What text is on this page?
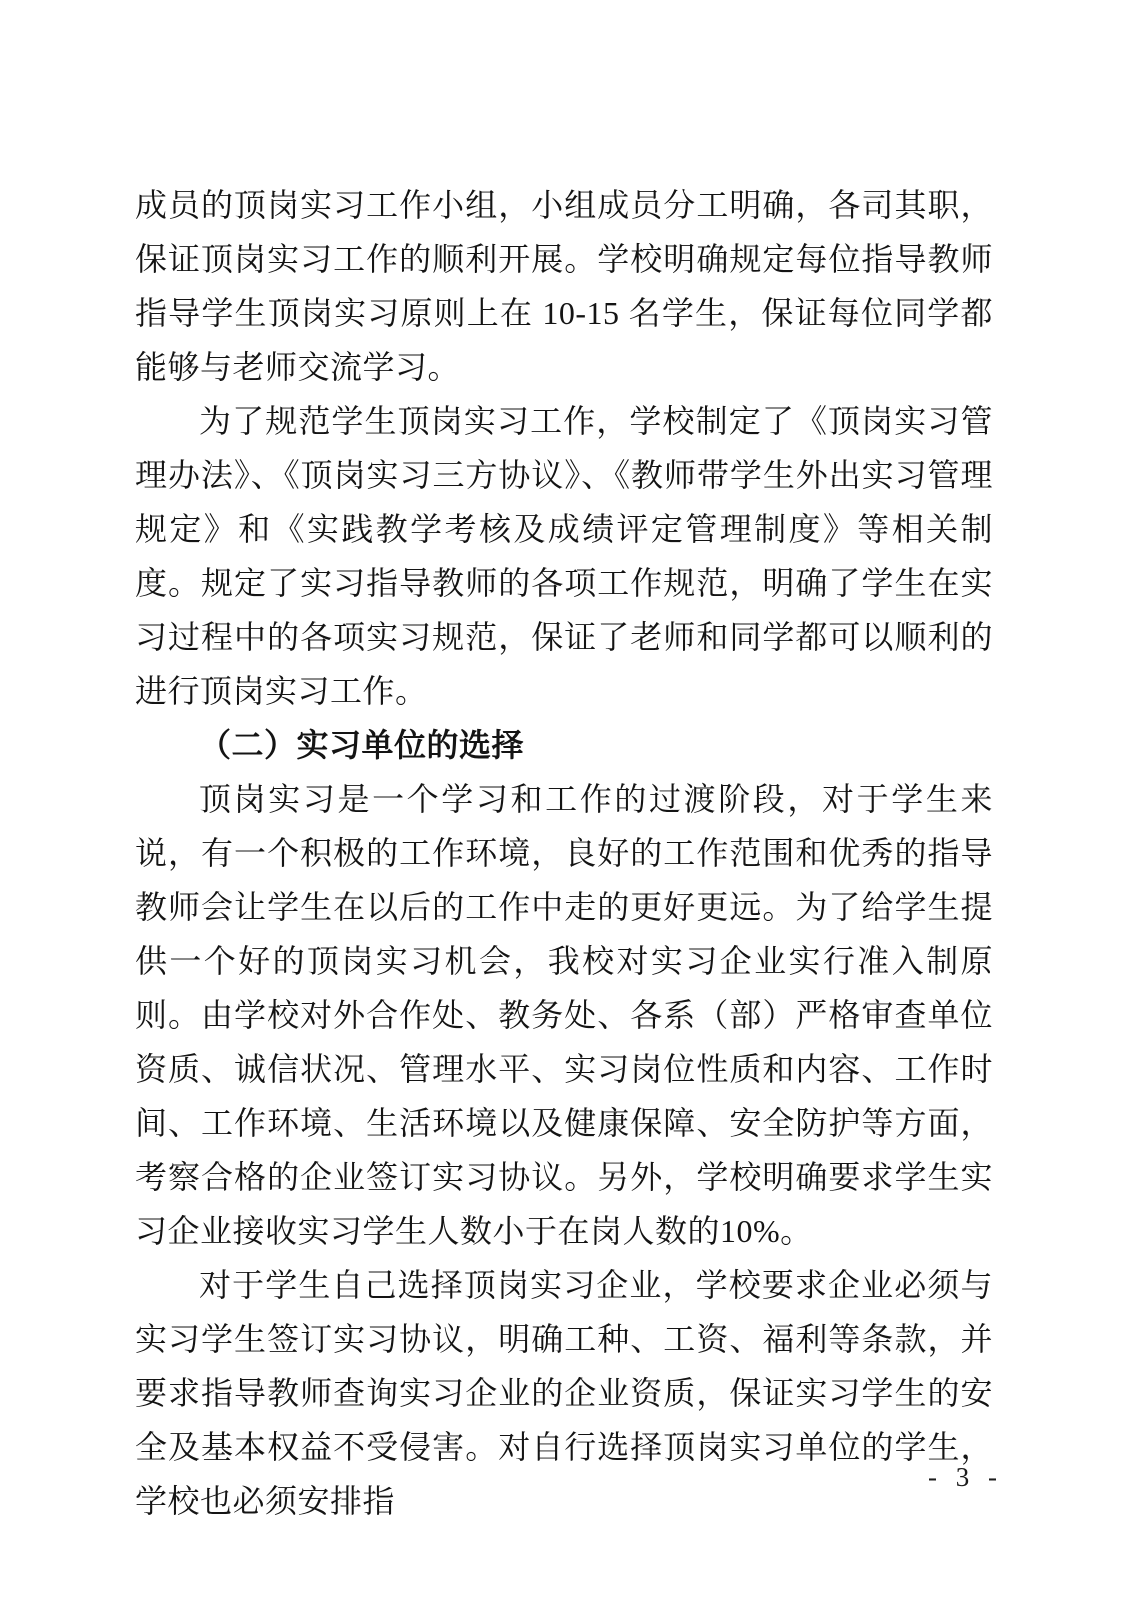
成员的顶岗实习工作小组，小组成员分工明确，各司其职，保证顶岗实习工作的顺利开展。学校明确规定每位指导教师指导学生顶岗实习原则上在 10-15 名学生，保证每位同学都能够与老师交流学习。

为了规范学生顶岗实习工作，学校制定了《顶岗实习管理办法》、《顶岗实习三方协议》、《教师带学生外出实习管理规定》和《实践教学考核及成绩评定管理制度》等相关制度。规定了实习指导教师的各项工作规范，明确了学生在实习过程中的各项实习规范，保证了老师和同学都可以顺利的进行顶岗实习工作。

（二）实习单位的选择

顶岗实习是一个学习和工作的过渡阶段，对于学生来说，有一个积极的工作环境，良好的工作范围和优秀的指导教师会让学生在以后的工作中走的更好更远。为了给学生提供一个好的顶岗实习机会，我校对实习企业实行准入制原则。由学校对外合作处、教务处、各系（部）严格审查单位资质、诚信状况、管理水平、实习岗位性质和内容、工作时间、工作环境、生活环境以及健康保障、安全防护等方面，考察合格的企业签订实习协议。另外，学校明确要求学生实习企业接收实习学生人数小于在岗人数的10%。

对于学生自己选择顶岗实习企业，学校要求企业必须与实习学生签订实习协议，明确工种、工资、福利等条款，并要求指导教师查询实习企业的企业资质，保证实习学生的安全及基本权益不受侵害。对自行选择顶岗实习单位的学生，学校也必须安排指

- 3 -
